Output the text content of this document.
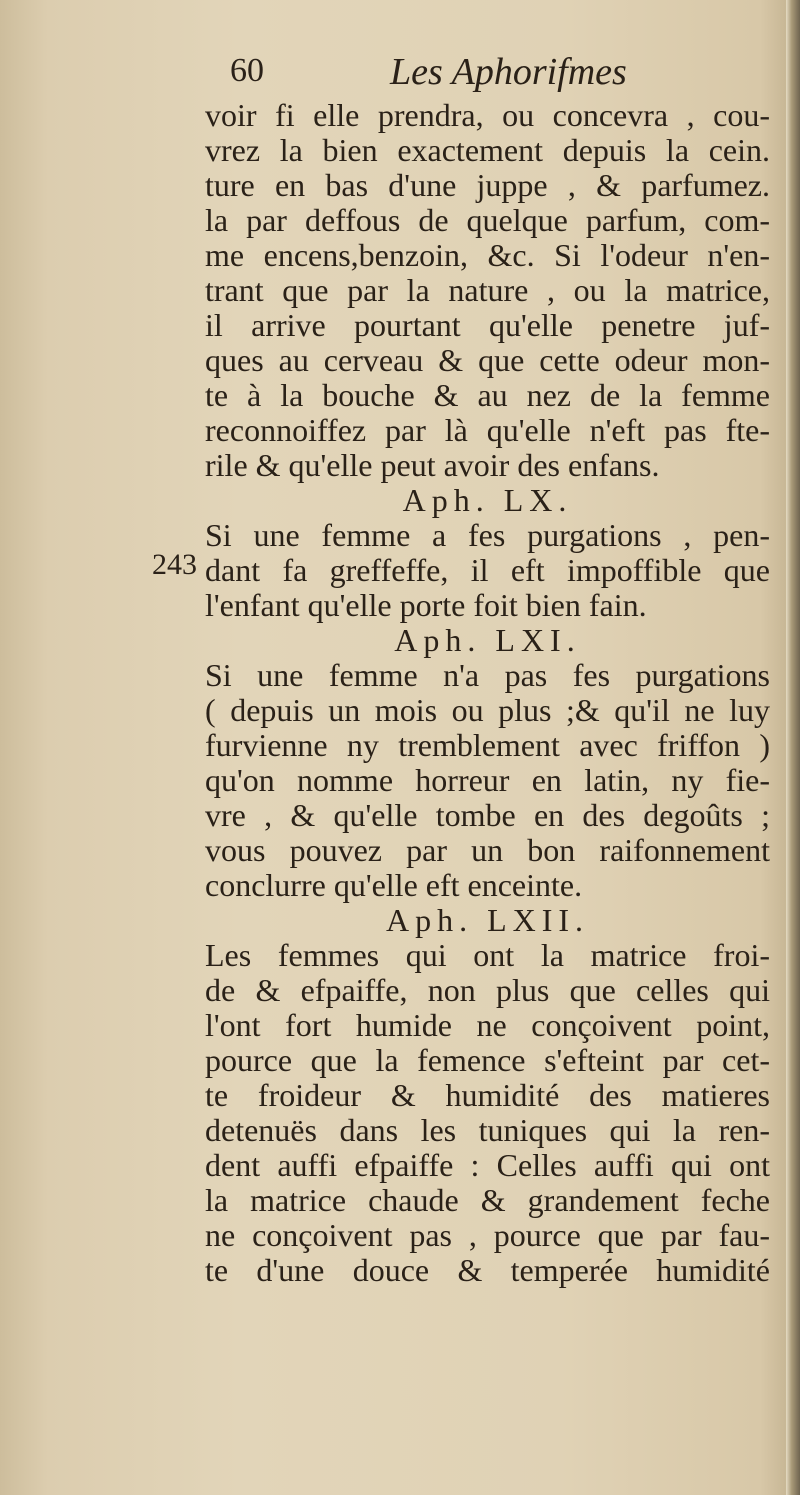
60	Les Aphorifmes
243
voir fi elle prendra, ou concevra , cou-
vrez la bien exactement depuis la cein.
ture en bas d'une juppe , & parfumez.
la par deffous de quelque parfum, com-
me encens,benzoin, &c. Si l'odeur n'en-
trant que par la nature , ou la matrice,
il arrive pourtant qu'elle penetre juf-
ques au cerveau & que cette odeur mon-
te à la bouche & au nez de la femme
reconnoiffez par là qu'elle n'eft pas fte-
rile & qu'elle peut avoir des enfans.
Aph. LX.
Si une femme a fes purgations , pen-
dant fa greffeffe, il eft impoffible que
l'enfant qu'elle porte foit bien fain.
Aph. LXI.
Si une femme n'a pas fes purgations
( depuis un mois ou plus ;& qu'il ne luy
furvienne ny tremblement avec friffon )
qu'on nomme horreur en latin, ny fie-
vre , & qu'elle tombe en des degoûts ;
vous pouvez par un bon raifonnement
conclurre qu'elle eft enceinte.
Aph. LXII.
Les femmes qui ont la matrice froi-
de & efpaiffe, non plus que celles qui
l'ont fort humide ne conçoivent point,
pource que la femence s'efteint par cet-
te froideur & humidité des matieres
detenuës dans les tuniques qui la ren-
dent auffi efpaiffe : Celles auffi qui ont
la matrice chaude & grandement feche
ne conçoivent pas , pource que par fau-
te d'une douce & temperée humidité
